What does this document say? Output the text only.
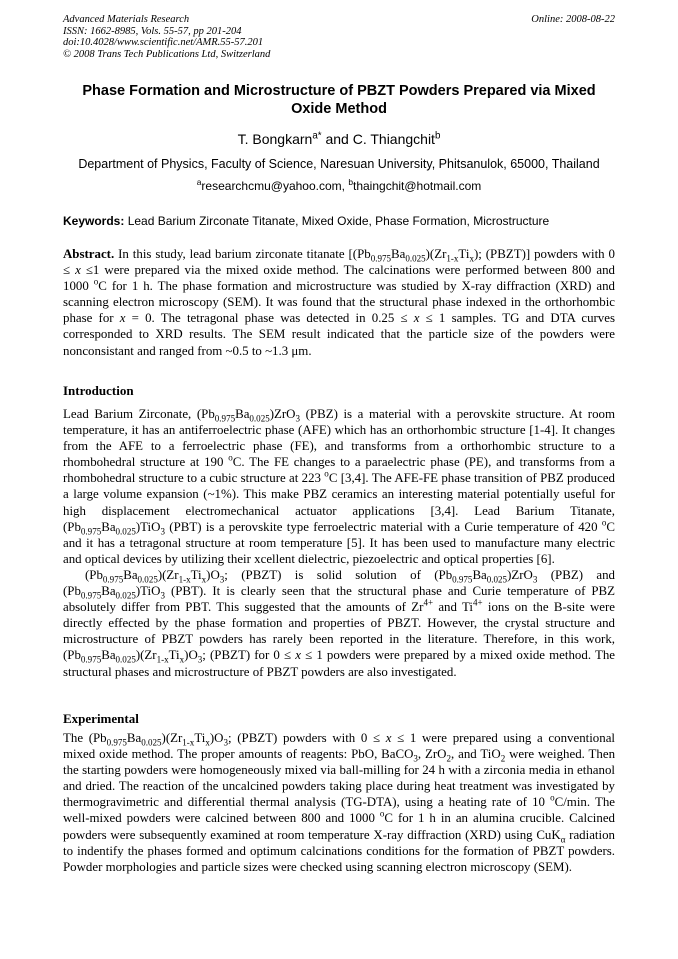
Advanced Materials Research
ISSN: 1662-8985, Vols. 55-57, pp 201-204
doi:10.4028/www.scientific.net/AMR.55-57.201
© 2008 Trans Tech Publications Ltd, Switzerland
Online: 2008-08-22
Phase Formation and Microstructure of PBZT Powders Prepared via Mixed Oxide Method
T. Bongkarn$^{a*}$ and C. Thiangchit$^b$
Department of Physics, Faculty of Science, Naresuan University, Phitsanulok, 65000, Thailand
$^a$researchcmu@yahoo.com, $^b$thaingchit@hotmail.com
Keywords: Lead Barium Zirconate Titanate, Mixed Oxide, Phase Formation, Microstructure

Abstract. In this study, lead barium zirconate titanate [$(Pb_{0.975}Ba_{0.025})(Zr_{1-x}Ti_x)$; (PBZT)] powders with 0 ≤ x ≤1 were prepared via the mixed oxide method. The calcinations were performed between 800 and 1000 $^o$C for 1 h. The phase formation and microstructure was studied by X-ray diffraction (XRD) and scanning electron microscopy (SEM). It was found that the structural phase indexed in the orthorhombic phase for x = 0. The tetragonal phase was detected in 0.25 ≤ x ≤ 1 samples. TG and DTA curves corresponded to XRD results. The SEM result indicated that the particle size of the powders were nonconsistant and ranged from ~0.5 to ~1.3 μm.

Introduction

Lead Barium Zirconate, $(Pb_{0.975}Ba_{0.025})ZrO_3$ (PBZ) is a material with a perovskite structure. At room temperature, it has an antiferroelectric phase (AFE) which has an orthorhombic structure [1-4]. It changes from the AFE to a ferroelectric phase (FE), and transforms from a orthorhombic structure to a rhombohedral structure at 190 $^o$C. The FE changes to a paraelectric phase (PE), and transforms from a rhombohedral structure to a cubic structure at 223 $^o$C [3,4]. The AFE-FE phase transition of PBZ produced a large volume expansion (~1%). This make PBZ ceramics an interesting material potentially useful for high displacement electromechanical actuator applications [3,4]. Lead Barium Titanate, $(Pb_{0.975}Ba_{0.025})TiO_3$ (PBT) is a perovskite type ferroelectric material with a Curie temperature of 420 $^o$C and it has a tetragonal structure at room temperature [5]. It has been used to manufacture many electric and optical devices by utilizing their xcellent dielectric, piezoelectric and optical properties [6].

$(Pb_{0.975}Ba_{0.025})(Zr_{1-x}Ti_x)O_3$; (PBZT) is solid solution of $(Pb_{0.975}Ba_{0.025})ZrO_3$ (PBZ) and $(Pb_{0.975}Ba_{0.025})TiO_3$ (PBT). It is clearly seen that the structural phase and Curie temperature of PBZ absolutely differ from PBT. This suggested that the amounts of $Zr^{4+}$ and $Ti^{4+}$ ions on the B-site were directly effected by the phase formation and properties of PBZT. However, the crystal structure and microstructure of PBZT powders has rarely been reported in the literature. Therefore, in this work, $(Pb_{0.975}Ba_{0.025})(Zr_{1-x}Ti_x)O_3$; (PBZT) for 0 ≤ x ≤ 1 powders were prepared by a mixed oxide method. The structural phases and microstructure of PBZT powders are also investigated.

Experimental

The $(Pb_{0.975}Ba_{0.025})(Zr_{1-x}Ti_x)O_3$; (PBZT) powders with 0 ≤ x ≤ 1 were prepared using a conventional mixed oxide method. The proper amounts of reagents: PbO, BaCO$_3$, ZrO$_2$, and TiO$_2$ were weighed. Then the starting powders were homogeneously mixed via ball-milling for 24 h with a zirconia media in ethanol and dried. The reaction of the uncalcined powders taking place during heat treatment was investigated by thermogravimetric and differential thermal analysis (TG-DTA), using a heating rate of 10 $^o$C/min. The well-mixed powders were calcined between 800 and 1000 $^o$C for 1 h in an alumina crucible. Calcined powders were subsequently examined at room temperature X-ray diffraction (XRD) using CuK$_\alpha$ radiation to indentify the phases formed and optimum calcinations conditions for the formation of PBZT powders. Powder morphologies and particle sizes were checked using scanning electron microscopy (SEM).
